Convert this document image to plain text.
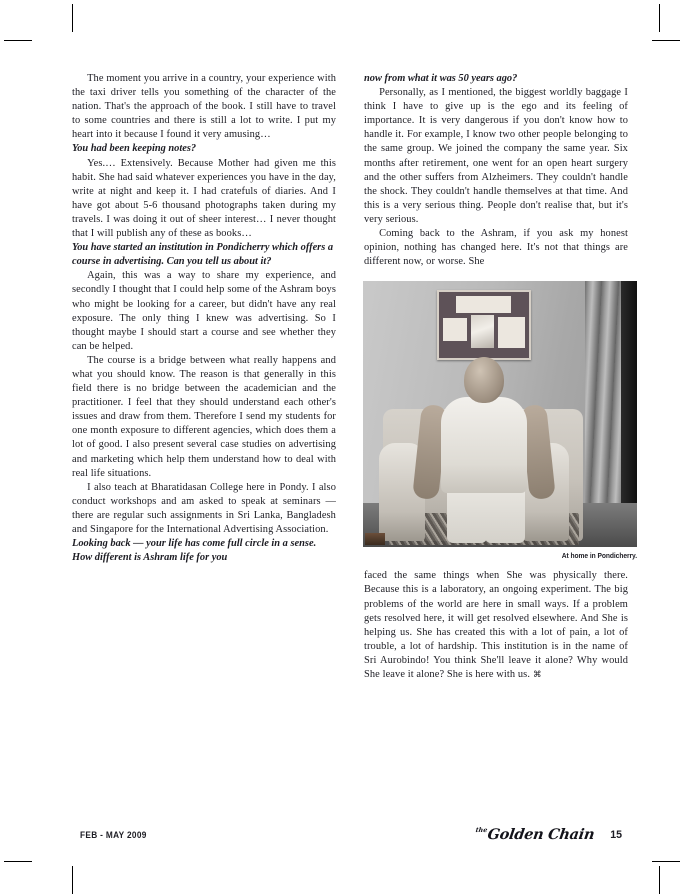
The moment you arrive in a country, your experience with the taxi driver tells you something of the character of the nation. That's the approach of the book. I still have to travel to some countries and there is still a lot to write. I put my heart into it because I found it very amusing…

You had been keeping notes?

Yes.… Extensively. Because Mother had given me this habit. She had said whatever experiences you have in the day, write at night and keep it. I had cratefuls of diaries. And I have got about 5-6 thousand photographs taken during my travels. I was doing it out of sheer interest… I never thought that I will publish any of these as books…

You have started an institution in Pondicherry which offers a course in advertising. Can you tell us about it?

Again, this was a way to share my experience, and secondly I thought that I could help some of the Ashram boys who might be looking for a career, but didn't have any real exposure. The only thing I knew was advertising. So I thought maybe I should start a course and see whether they can be helped.

The course is a bridge between what really happens and what you should know. The reason is that generally in this field there is no bridge between the academician and the practitioner. I feel that they should understand each other's issues and draw from them. Therefore I send my students for one month exposure to different agencies, which does them a lot of good. I also present several case studies on advertising and marketing which help them understand how to deal with real life situations.

I also teach at Bharatidasan College here in Pondy. I also conduct workshops and am asked to speak at seminars — there are regular such assignments in Sri Lanka, Bangladesh and Singapore for the International Advertising Association.

Looking back — your life has come full circle in a sense. How different is Ashram life for you
now from what it was 50 years ago?

Personally, as I mentioned, the biggest worldly baggage I think I have to give up is the ego and its feeling of importance. It is very dangerous if you don't know how to handle it. For example, I know two other people belonging to the same group. We joined the company the same year. Six months after retirement, one went for an open heart surgery and the other suffers from Alzheimers. They couldn't handle the shock. They couldn't handle themselves at that time. And this is a very serious thing. People don't realise that, but it's very serious.

Coming back to the Ashram, if you ask my honest opinion, nothing has changed here. It's not that things are different now, or worse. She

At home in Pondicherry.

faced the same things when She was physically there. Because this is a laboratory, an ongoing experiment. The big problems of the world are here in small ways. If a problem gets resolved here, it will get resolved elsewhere. And She is helping us. She has created this with a lot of pain, a lot of trouble, a lot of hardship. This institution is in the name of Sri Aurobindo! You think She'll leave it alone? Why would She leave it alone? She is here with us. ⌘

FEB - MAY 2009	$^{the}$Golden Chain 15
